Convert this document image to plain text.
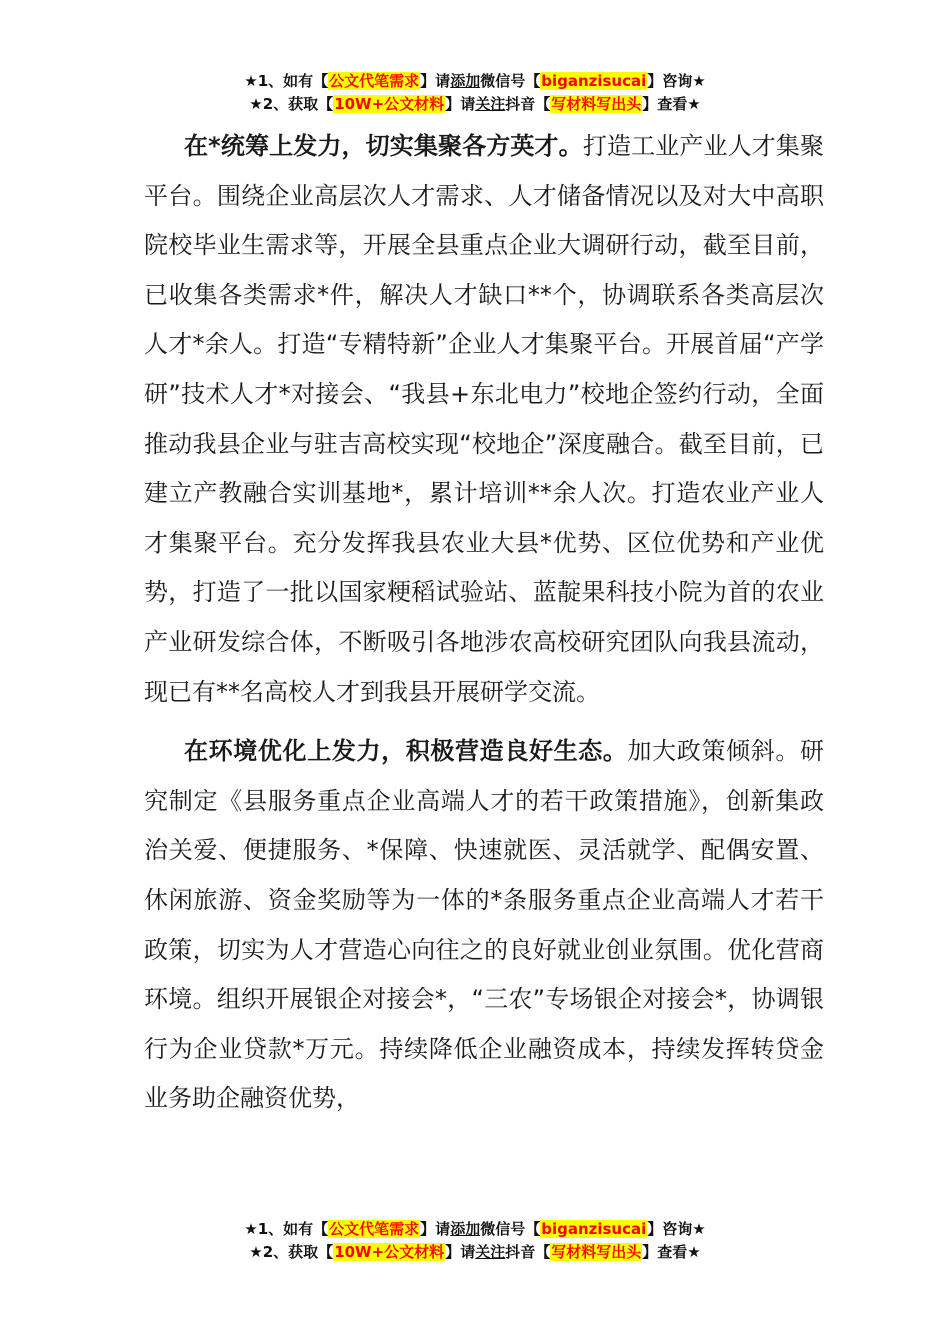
★1、如有【公文代笔需求】请添加微信号【biganzisucai】咨询★
★2、获取【10W+公文材料】请关注抖音【写材料写出头】查看★

在*统筹上发力，切实集聚各方英才。打造工业产业人才集聚平台。围绕企业高层次人才需求、人才储备情况以及对大中高职院校毕业生需求等，开展全县重点企业大调研行动，截至目前，已收集各类需求*件，解决人才缺口**个，协调联系各类高层次人才*余人。打造“专精特新”企业人才集聚平台。开展首届“产学研”技术人才*对接会、“我县+东北电力”校地企签约行动，全面推动我县企业与驻吉高校实现“校地企”深度融合。截至目前，已建立产教融合实训基地*，累计培训**余人次。打造农业产业人才集聚平台。充分发挥我县农业大县*优势、区位优势和产业优势，打造了一批以国家粳稻试验站、蓝靛果科技小院为首的农业产业研发综合体，不断吸引各地涉农高校研究团队向我县流动，现已有**名高校人才到我县开展研学交流。

在环境优化上发力，积极营造良好生态。加大政策倾斜。研究制定《县服务重点企业高端人才的若干政策措施》，创新集政治关爱、便捷服务、*保障、快速就医、灵活就学、配偶安置、休闲旅游、资金奖励等为一体的*条服务重点企业高端人才若干政策，切实为人才营造心向往之的良好就业创业氛围。优化营商环境。组织开展银企对接会*，“三农”专场银企对接会*，协调银行为企业贷款*万元。持续降低企业融资成本，持续发挥转贷金业务助企融资优势，

★1、如有【公文代笔需求】请添加微信号【biganzisucai】咨询★
★2、获取【10W+公文材料】请关注抖音【写材料写出头】查看★
